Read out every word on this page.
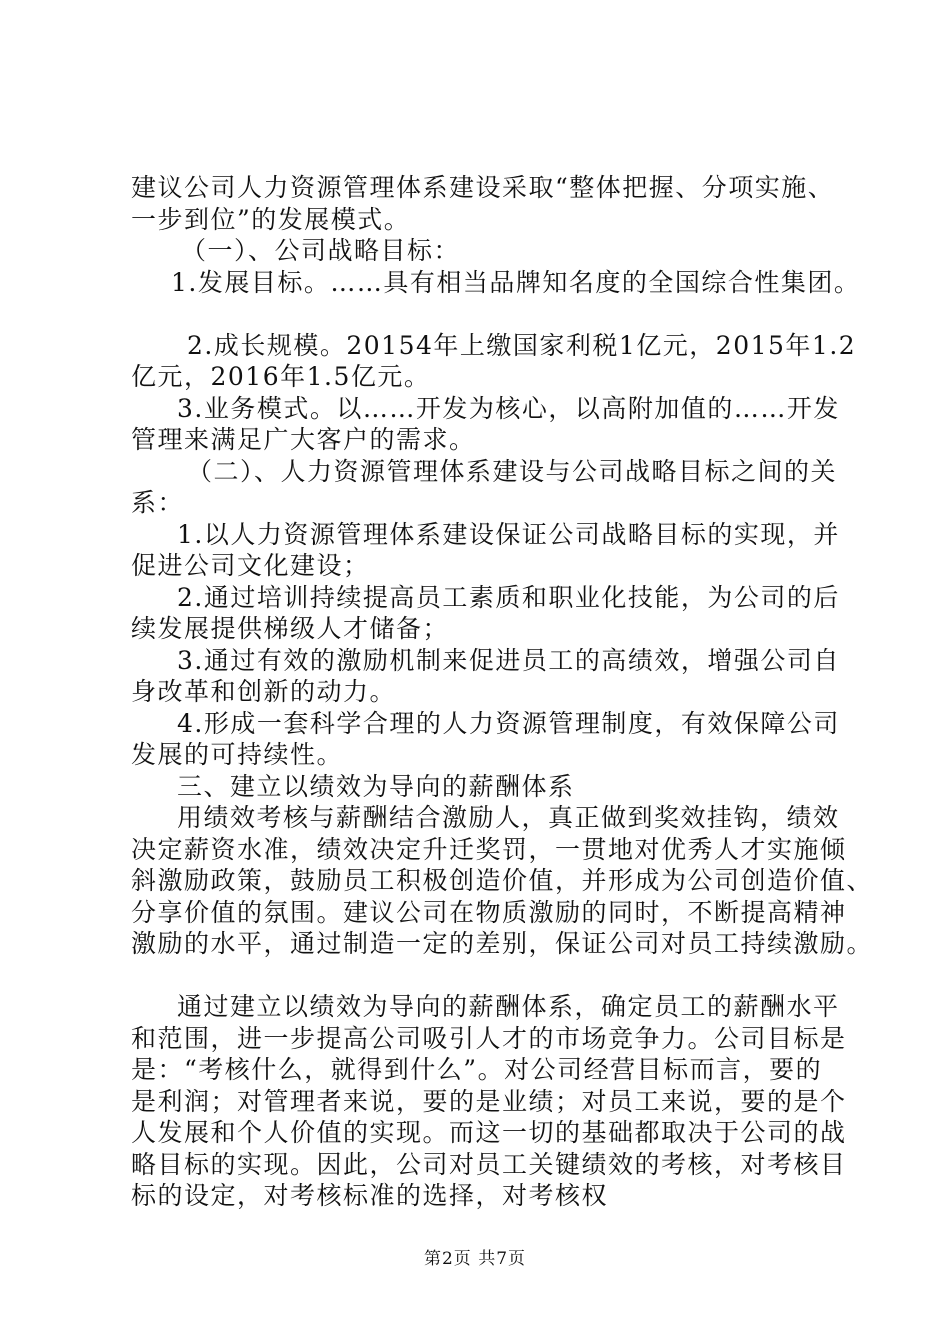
建议公司人力资源管理体系建设采取“整体把握、分项实施、
一步到位”的发展模式。
（一）、公司战略目标：
1.发展目标。……具有相当品牌知名度的全国综合性集团。
2.成长规模。20154年上缴国家利税1亿元，2015年1.2
亿元，2016年1.5亿元。
3.业务模式。以……开发为核心，以高附加值的……开发
管理来满足广大客户的需求。
（二）、人力资源管理体系建设与公司战略目标之间的关
系：
1.以人力资源管理体系建设保证公司战略目标的实现，并
促进公司文化建设；
2.通过培训持续提高员工素质和职业化技能，为公司的后
续发展提供梯级人才储备；
3.通过有效的激励机制来促进员工的高绩效，增强公司自
身改革和创新的动力。
4.形成一套科学合理的人力资源管理制度，有效保障公司
发展的可持续性。
三、建立以绩效为导向的薪酬体系
用绩效考核与薪酬结合激励人，真正做到奖效挂钩，绩效
决定薪资水准，绩效决定升迁奖罚，一贯地对优秀人才实施倾
斜激励政策，鼓励员工积极创造价值，并形成为公司创造价值、
分享价值的氛围。建议公司在物质激励的同时，不断提高精神
激励的水平，通过制造一定的差别，保证公司对员工持续激励。
通过建立以绩效为导向的薪酬体系，确定员工的薪酬水平
和范围，进一步提高公司吸引人才的市场竞争力。公司目标是
是：“考核什么，就得到什么”。对公司经营目标而言，要的
是利润；对管理者来说，要的是业绩；对员工来说，要的是个
人发展和个人价值的实现。而这一切的基础都取决于公司的战
略目标的实现。因此，公司对员工关键绩效的考核，对考核目
标的设定，对考核标准的选择，对考核权
第2页 共7页
